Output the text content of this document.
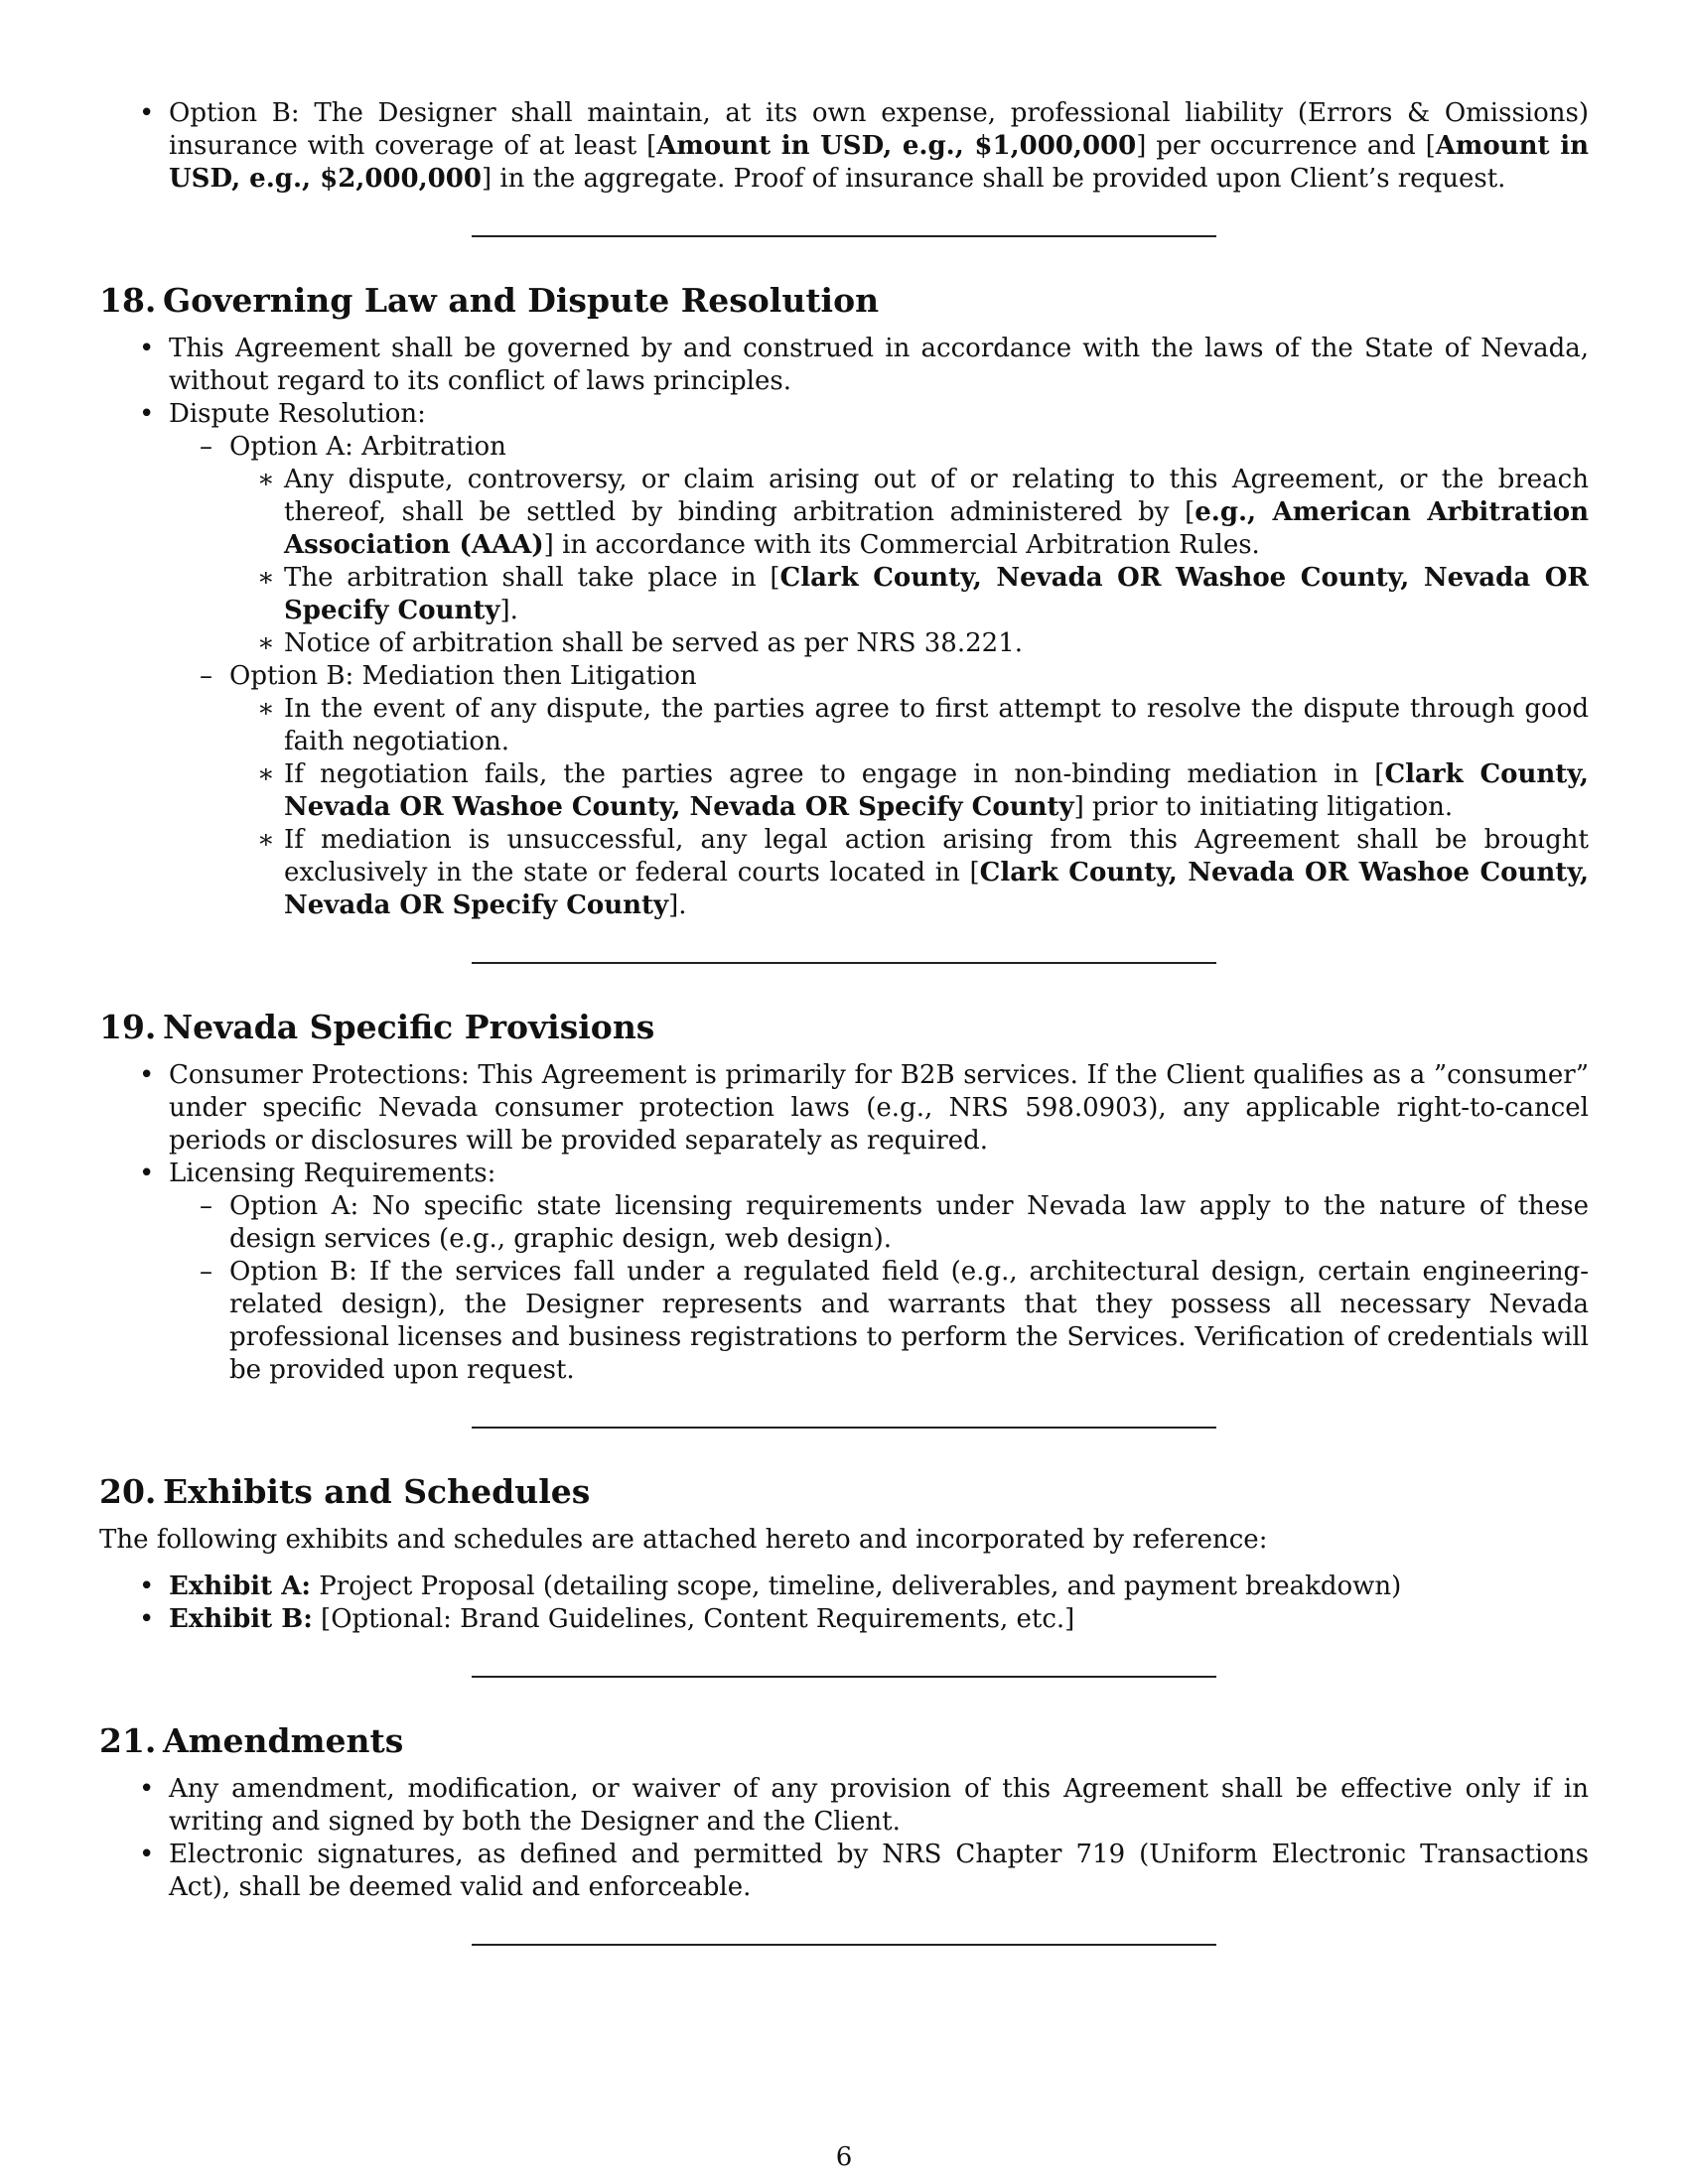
• Option B: The Designer shall maintain, at its own expense, professional liability (Errors & Omissions) insurance with coverage of at least [Amount in USD, e.g., $1,000,000] per occurrence and [Amount in USD, e.g., $2,000,000] in the aggregate. Proof of insurance shall be provided upon Client’s request.
18. Governing Law and Dispute Resolution
• This Agreement shall be governed by and construed in accordance with the laws of the State of Nevada, without regard to its conflict of laws principles.
• Dispute Resolution:
– Option A: Arbitration
∗ Any dispute, controversy, or claim arising out of or relating to this Agreement, or the breach thereof, shall be settled by binding arbitration administered by [e.g., American Arbitration Association (AAA)] in accordance with its Commercial Arbitration Rules.
∗ The arbitration shall take place in [Clark County, Nevada OR Washoe County, Nevada OR Specify County].
∗ Notice of arbitration shall be served as per NRS 38.221.
– Option B: Mediation then Litigation
∗ In the event of any dispute, the parties agree to first attempt to resolve the dispute through good faith negotiation.
∗ If negotiation fails, the parties agree to engage in non-binding mediation in [Clark County, Nevada OR Washoe County, Nevada OR Specify County] prior to initiating litigation.
∗ If mediation is unsuccessful, any legal action arising from this Agreement shall be brought exclusively in the state or federal courts located in [Clark County, Nevada OR Washoe County, Nevada OR Specify County].
19. Nevada Specific Provisions
• Consumer Protections: This Agreement is primarily for B2B services. If the Client qualifies as a ”consumer” under specific Nevada consumer protection laws (e.g., NRS 598.0903), any applicable right-to-cancel periods or disclosures will be provided separately as required.
• Licensing Requirements:
– Option A: No specific state licensing requirements under Nevada law apply to the nature of these design services (e.g., graphic design, web design).
– Option B: If the services fall under a regulated field (e.g., architectural design, certain engineering-related design), the Designer represents and warrants that they possess all necessary Nevada professional licenses and business registrations to perform the Services. Verification of credentials will be provided upon request.
20. Exhibits and Schedules
The following exhibits and schedules are attached hereto and incorporated by reference:
• Exhibit A: Project Proposal (detailing scope, timeline, deliverables, and payment breakdown)
• Exhibit B: [Optional: Brand Guidelines, Content Requirements, etc.]
21. Amendments
• Any amendment, modification, or waiver of any provision of this Agreement shall be effective only if in writing and signed by both the Designer and the Client.
• Electronic signatures, as defined and permitted by NRS Chapter 719 (Uniform Electronic Transactions Act), shall be deemed valid and enforceable.
6
